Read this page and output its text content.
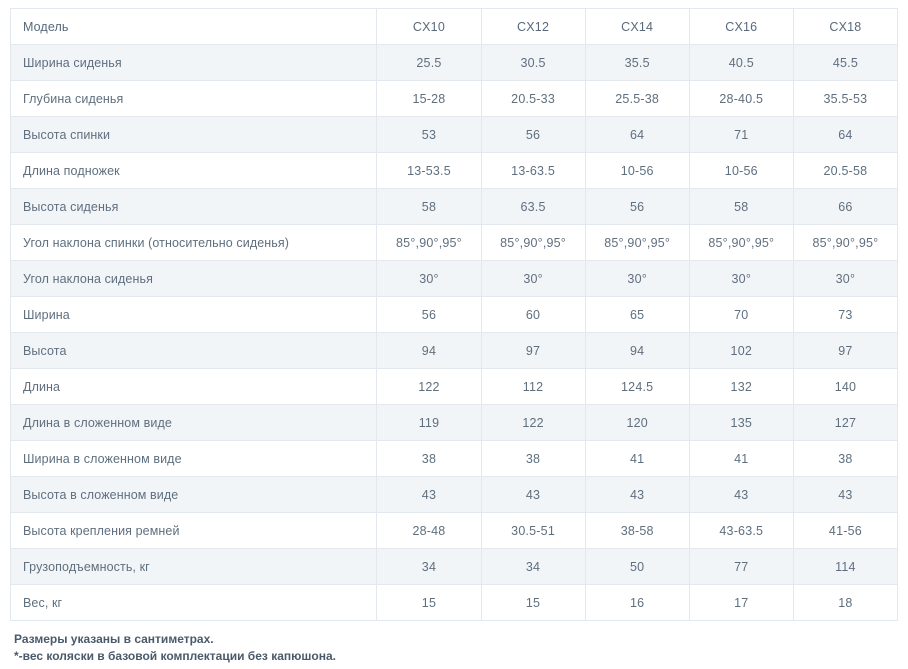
Модель	CX10	CX12	CX14	CX16	CX18
Ширина сиденья	25.5	30.5	35.5	40.5	45.5
Глубина сиденья	15-28	20.5-33	25.5-38	28-40.5	35.5-53
Высота спинки	53	56	64	71	64
Длина подножек	13-53.5	13-63.5	10-56	10-56	20.5-58
Высота сиденья	58	63.5	56	58	66
Угол наклона спинки (относительно сиденья)	85°,90°,95°	85°,90°,95°	85°,90°,95°	85°,90°,95°	85°,90°,95°
Угол наклона сиденья	30°	30°	30°	30°	30°
Ширина	56	60	65	70	73
Высота	94	97	94	102	97
Длина	122	112	124.5	132	140
Длина в сложенном виде	119	122	120	135	127
Ширина в сложенном виде	38	38	41	41	38
Высота в сложенном виде	43	43	43	43	43
Высота крепления ремней	28-48	30.5-51	38-58	43-63.5	41-56
Грузоподъемность, кг	34	34	50	77	114
Вес, кг	15	15	16	17	18
Размеры указаны в сантиметрах.
*-вес коляски в базовой комплектации без капюшона.
